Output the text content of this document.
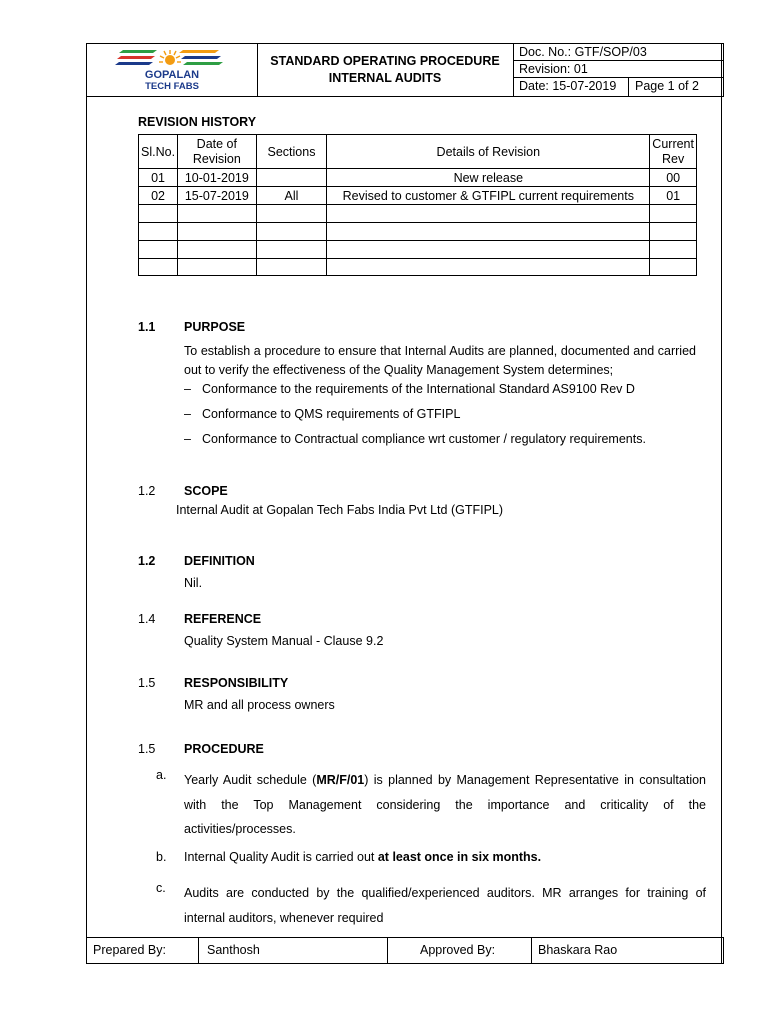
GOPALAN
TECH FABS
STANDARD OPERATING PROCEDURE
INTERNAL AUDITS
Doc. No.: GTF/SOP/03
Revision: 01
Date: 15-07-2019	Page 1 of 2
REVISION HISTORY
Sl.No.	Date of Revision	Sections	Details of Revision	Current Rev
01	10-01-2019		New release	00
02	15-07-2019	All	Revised to customer & GTFIPL current requirements	01

1.1 PURPOSE

To establish a procedure to ensure that Internal Audits are planned, documented and carried out to verify the effectiveness of the Quality Management System determines;

– Conformance to the requirements of the International Standard AS9100 Rev D
– Conformance to QMS requirements of GTFIPL
– Conformance to Contractual compliance wrt customer / regulatory requirements.
1.2 SCOPE
Internal Audit at Gopalan Tech Fabs India Pvt Ltd (GTFIPL)
1.2 DEFINITION
Nil.
1.4 REFERENCE
Quality System Manual - Clause 9.2
1.5 RESPONSIBILITY
MR and all process owners
1.5 PROCEDURE
a. Yearly Audit schedule (MR/F/01) is planned by Management Representative in consultation with the Top Management considering the importance and criticality of the activities/processes.

b. Internal Quality Audit is carried out at least once in six months.
c. Audits are conducted by the qualified/experienced auditors. MR arranges for training of internal auditors, whenever required

Prepared By:	Santhosh	Approved By:	Bhaskara Rao
